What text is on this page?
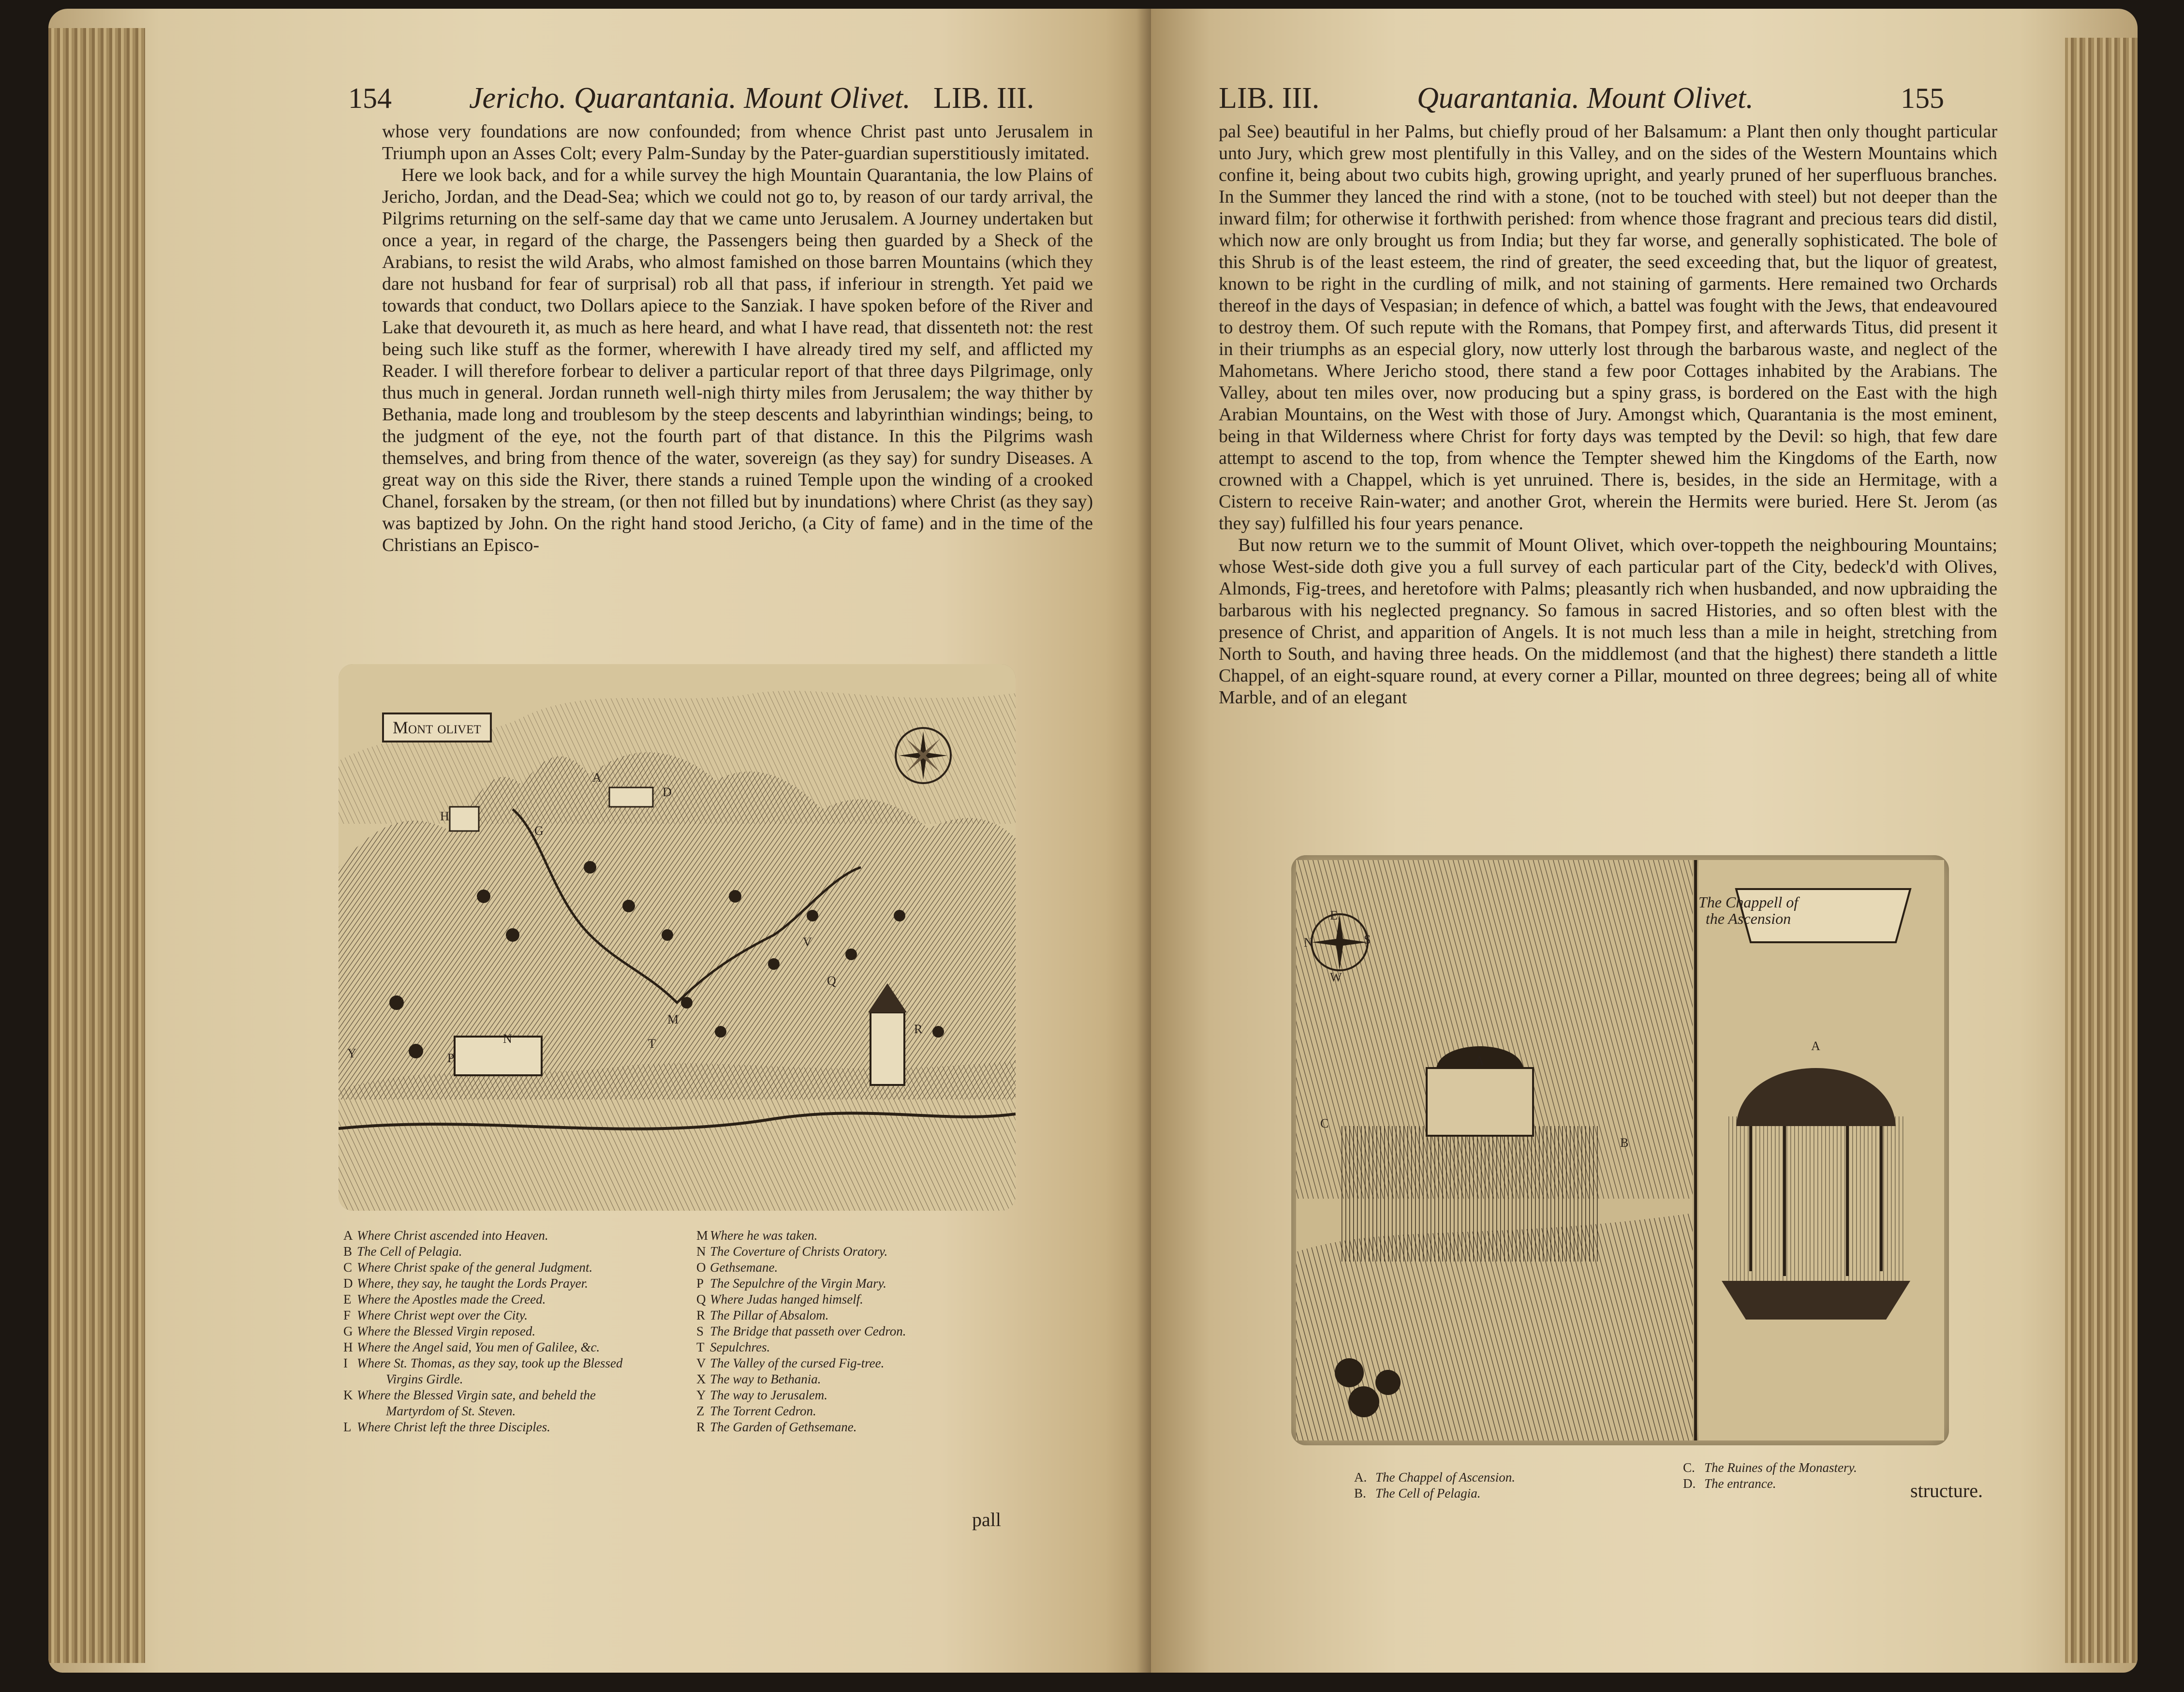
154	Jericho. Quarantania. Mount Olivet. LIB. III.

whose very foundations are now confounded; from whence Christ past unto Jerusalem in Triumph upon an Asses Colt; every Palm-Sunday by the Pater-guardian superstitiously imitated.

Here we look back, and for a while survey the high Mountain Quarantania, the low Plains of Jericho, Jordan, and the Dead-Sea; which we could not go to, by reason of our tardy arrival, the Pilgrims returning on the self-same day that we came unto Jerusalem. A Journey undertaken but once a year, in regard of the charge, the Passengers being then guarded by a Sheck of the Arabians, to resist the wild Arabs, who almost famished on those barren Mountains (which they dare not husband for fear of surprisal) rob all that pass, if inferiour in strength. Yet paid we towards that conduct, two Dollars apiece to the Sanziak. I have spoken before of the River and Lake that devoureth it, as much as here heard, and what I have read, that dissenteth not: the rest being such like stuff as the former, wherewith I have already tired my self, and afflicted my Reader. I will therefore forbear to deliver a particular report of that three days Pilgrimage, only thus much in general. Jordan runneth well-nigh thirty miles from Jerusalem; the way thither by Bethania, made long and troublesom by the steep descents and labyrinthian windings; being, to the judgment of the eye, not the fourth part of that distance. In this the Pilgrims wash themselves, and bring from thence of the water, sovereign (as they say) for sundry Diseases. A great way on this side the River, there stands a ruined Temple upon the winding of a crooked Chanel, forsaken by the stream, (or then not filled but by inundations) where Christ (as they say) was baptized by John. On the right hand stood Jericho, (a City of fame) and in the time of the Christians an Episco-

Mont olivet
A
D
G
H
M
N
P
Q
R
T
V
Y
A Where Christ ascended into Heaven.
B The Cell of Pelagia.
C Where Christ spake of the general Judgment.
D Where, they say, he taught the Lords Prayer.
E Where the Apostles made the Creed.
F Where Christ wept over the City.
G Where the Blessed Virgin reposed.
H Where the Angel said, You men of Galilee, &c.
I Where St. Thomas, as they say, took up the Blessed
Virgins Girdle.
K Where the Blessed Virgin sate, and beheld the
Martyrdom of St. Steven.
L Where Christ left the three Disciples.
M Where he was taken.
N The Coverture of Christs Oratory.
O Gethsemane.
P The Sepulchre of the Virgin Mary.
Q Where Judas hanged himself.
R The Pillar of Absalom.
S The Bridge that passeth over Cedron.
T Sepulchres.
V The Valley of the cursed Fig-tree.
X The way to Bethania.
Y The way to Jerusalem.
Z The Torrent Cedron.
R The Garden of Gethsemane.
pall
LIB. III.	Quarantania. Mount Olivet.	155

pal See) beautiful in her Palms, but chiefly proud of her Balsamum: a Plant then only thought particular unto Jury, which grew most plentifully in this Valley, and on the sides of the Western Mountains which confine it, being about two cubits high, growing upright, and yearly pruned of her superfluous branches. In the Summer they lanced the rind with a stone, (not to be touched with steel) but not deeper than the inward film; for otherwise it forthwith perished: from whence those fragrant and precious tears did distil, which now are only brought us from India; but they far worse, and generally sophisticated. The bole of this Shrub is of the least esteem, the rind of greater, the seed exceeding that, but the liquor of greatest, known to be right in the curdling of milk, and not staining of garments. Here remained two Orchards thereof in the days of Vespasian; in defence of which, a battel was fought with the Jews, that endeavoured to destroy them. Of such repute with the Romans, that Pompey first, and afterwards Titus, did present it in their triumphs as an especial glory, now utterly lost through the barbarous waste, and neglect of the Mahometans. Where Jericho stood, there stand a few poor Cottages inhabited by the Arabians. The Valley, about ten miles over, now producing but a spiny grass, is bordered on the East with the high Arabian Mountains, on the West with those of Jury. Amongst which, Quarantania is the most eminent, being in that Wilderness where Christ for forty days was tempted by the Devil: so high, that few dare attempt to ascend to the top, from whence the Tempter shewed him the Kingdoms of the Earth, now crowned with a Chappel, which is yet unruined. There is, besides, in the side an Hermitage, with a Cistern to receive Rain-water; and another Grot, wherein the Hermits were buried. Here St. Jerom (as they say) fulfilled his four years penance.

But now return we to the summit of Mount Olivet, which over-toppeth the neighbouring Mountains; whose West-side doth give you a full survey of each particular part of the City, bedeck'd with Olives, Almonds, Fig-trees, and heretofore with Palms; pleasantly rich when husbanded, and now upbraiding the barbarous with his neglected pregnancy. So famous in sacred Histories, and so often blest with the presence of Christ, and apparition of Angels. It is not much less than a mile in height, stretching from North to South, and having three heads. On the middlemost (and that the highest) there standeth a little Chappel, of an eight-square round, at every corner a Pillar, mounted on three degrees; being all of white Marble, and of an elegant

The Chappell of
the Ascension
A
B
C
A
E
S
W
N
A. The Chappel of Ascension.
B. The Cell of Pelagia.
C. The Ruines of the Monastery.
D. The entrance.	structure.
